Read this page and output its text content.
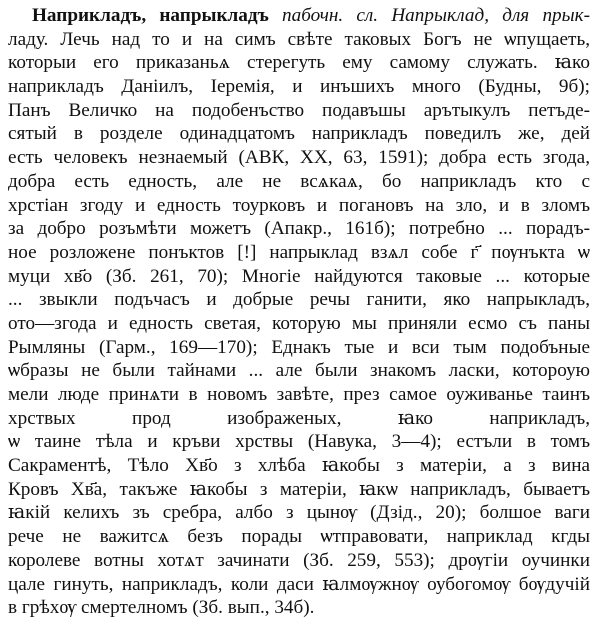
Наприкладъ, напрыкладъ пабочн. сл. Напрыклад, для прык-
ладу. Лечь над то и на симъ свѣте таковых Богъ не ѡпущаеть,
которыи его приказаньѧ стерегуть ему самому служать. ꙗко
наприкладъ Даніилъ, Іеремія, и инъшихъ много (Будны, 9б);
Панъ Величко на подобенъство подавъшы арътыкулъ петъде-
сятый в розделе одинадцатомъ наприкладъ поведилъ же, дей
есть человекъ незнаемый (АВК, XX, 63, 1591); добра есть згода,
добра есть едность, але не всѧкаѧ, бо наприкладъ кто с
хрстіан згоду и едность тоурковъ и погановъ на зло, и в зломъ
за добро розъмѣти можетъ (Апакр., 161б); потребно ... порадъ-
ное розложене понъктов [!] напрыклад взѧл собе г҃ пѹнъкта ѡ
муци хв҃о (Зб. 261, 70); Многіе найдуются таковые ... которые
... звыкли подъчасъ и добрые речы ганити, яко напрыкладъ,
ото—згода и едность светая, которую мы приняли есмо съ паны
Рымляны (Гарм., 169—170); Еднакъ тые и вси тым подобъные
ѡбразы не были тайнами ... але были знакомъ ласки, котороую
мели люде принѧти в новомъ завѣте, през самое оуживанье таинъ
хрствых прод изображеных, ꙗко наприкладъ,
ѡ таине тѣла и кръви хрствы (Навука, 3—4); естъли в томъ
Сакраментѣ, Тѣло Хв҃о з хлѣба ꙗкобы з матеріи, а з вина
Кровъ Хв҃а, такъже ꙗкобы з матеріи, ꙗкѡ наприкладъ, бываетъ
ꙗкій келихъ зъ сребра, албо з цынѹ (Дзід., 20); болшое ваги
рече не важитсѧ безъ порады ѡтправовати, наприклад кгды
королеве вотны хотѧт зачинати (Зб. 259, 553); дрѹгіи оучинки
цале гинуть, наприкладъ, коли даси ꙗлмѹжнѹ оубогомѹ бѹдучій
в грѣхѹ смертелномъ (Зб. вып., 34б).
